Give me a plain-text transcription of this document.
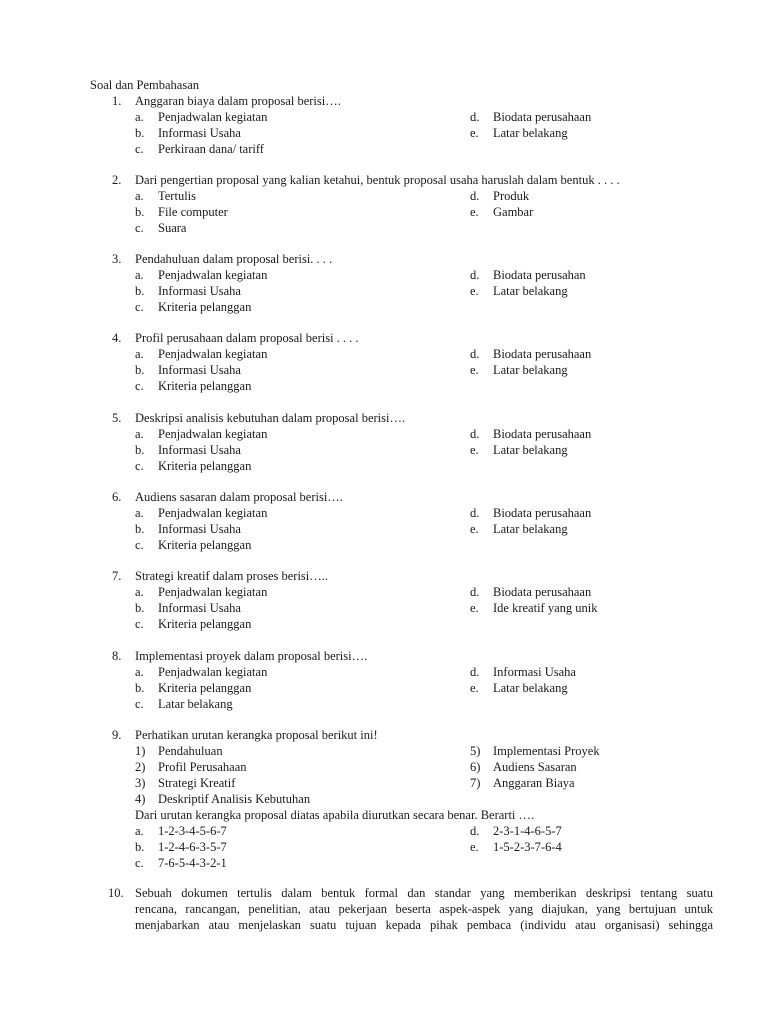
Soal dan Pembahasan
1.	Anggaran biaya dalam proposal berisi….
a. Penjadwalan kegiatan	d. Biodata perusahaan
b. Informasi Usaha	e. Latar belakang
c. Perkiraan dana/ tariff
2.	Dari pengertian proposal yang kalian ketahui, bentuk proposal usaha haruslah dalam bentuk . . . .
a. Tertulis	d. Produk
b. File computer	e. Gambar
c. Suara
3.	Pendahuluan dalam proposal berisi. . . .
a. Penjadwalan kegiatan	d. Biodata perusahan
b. Informasi Usaha	e. Latar belakang
c. Kriteria pelanggan
4.	Profil perusahaan dalam proposal berisi . . . .
a. Penjadwalan kegiatan	d. Biodata perusahaan
b. Informasi Usaha	e. Latar belakang
c. Kriteria pelanggan
5.	Deskripsi analisis kebutuhan dalam proposal berisi….
a. Penjadwalan kegiatan	d. Biodata perusahaan
b. Informasi Usaha	e. Latar belakang
c. Kriteria pelanggan
6.	Audiens sasaran dalam proposal berisi….
a. Penjadwalan kegiatan	d. Biodata perusahaan
b. Informasi Usaha	e. Latar belakang
c. Kriteria pelanggan
7.	Strategi kreatif dalam proses berisi…..
a. Penjadwalan kegiatan	d. Biodata perusahaan
b. Informasi Usaha	e. Ide kreatif yang unik
c. Kriteria pelanggan
8.	Implementasi proyek dalam proposal berisi….
a. Penjadwalan kegiatan	d. Informasi Usaha
b. Kriteria pelanggan	e. Latar belakang
c. Latar belakang
9.	Perhatikan urutan kerangka proposal berikut ini!
1) Pendahuluan	5) Implementasi Proyek
2) Profil Perusahaan	6) Audiens Sasaran
3) Strategi Kreatif	7) Anggaran Biaya
4) Deskriptif Analisis Kebutuhan
Dari urutan kerangka proposal diatas apabila diurutkan secara benar. Berarti ….
a. 1-2-3-4-5-6-7	d. 2-3-1-4-6-5-7
b. 1-2-4-6-3-5-7	e. 1-5-2-3-7-6-4
c. 7-6-5-4-3-2-1
10. Sebuah dokumen tertulis dalam bentuk formal dan standar yang memberikan deskripsi tentang suatu
rencana, rancangan, penelitian, atau pekerjaan beserta aspek-aspek yang diajukan, yang bertujuan untuk
menjabarkan atau menjelaskan suatu tujuan kepada pihak pembaca (individu atau organisasi) sehingga
